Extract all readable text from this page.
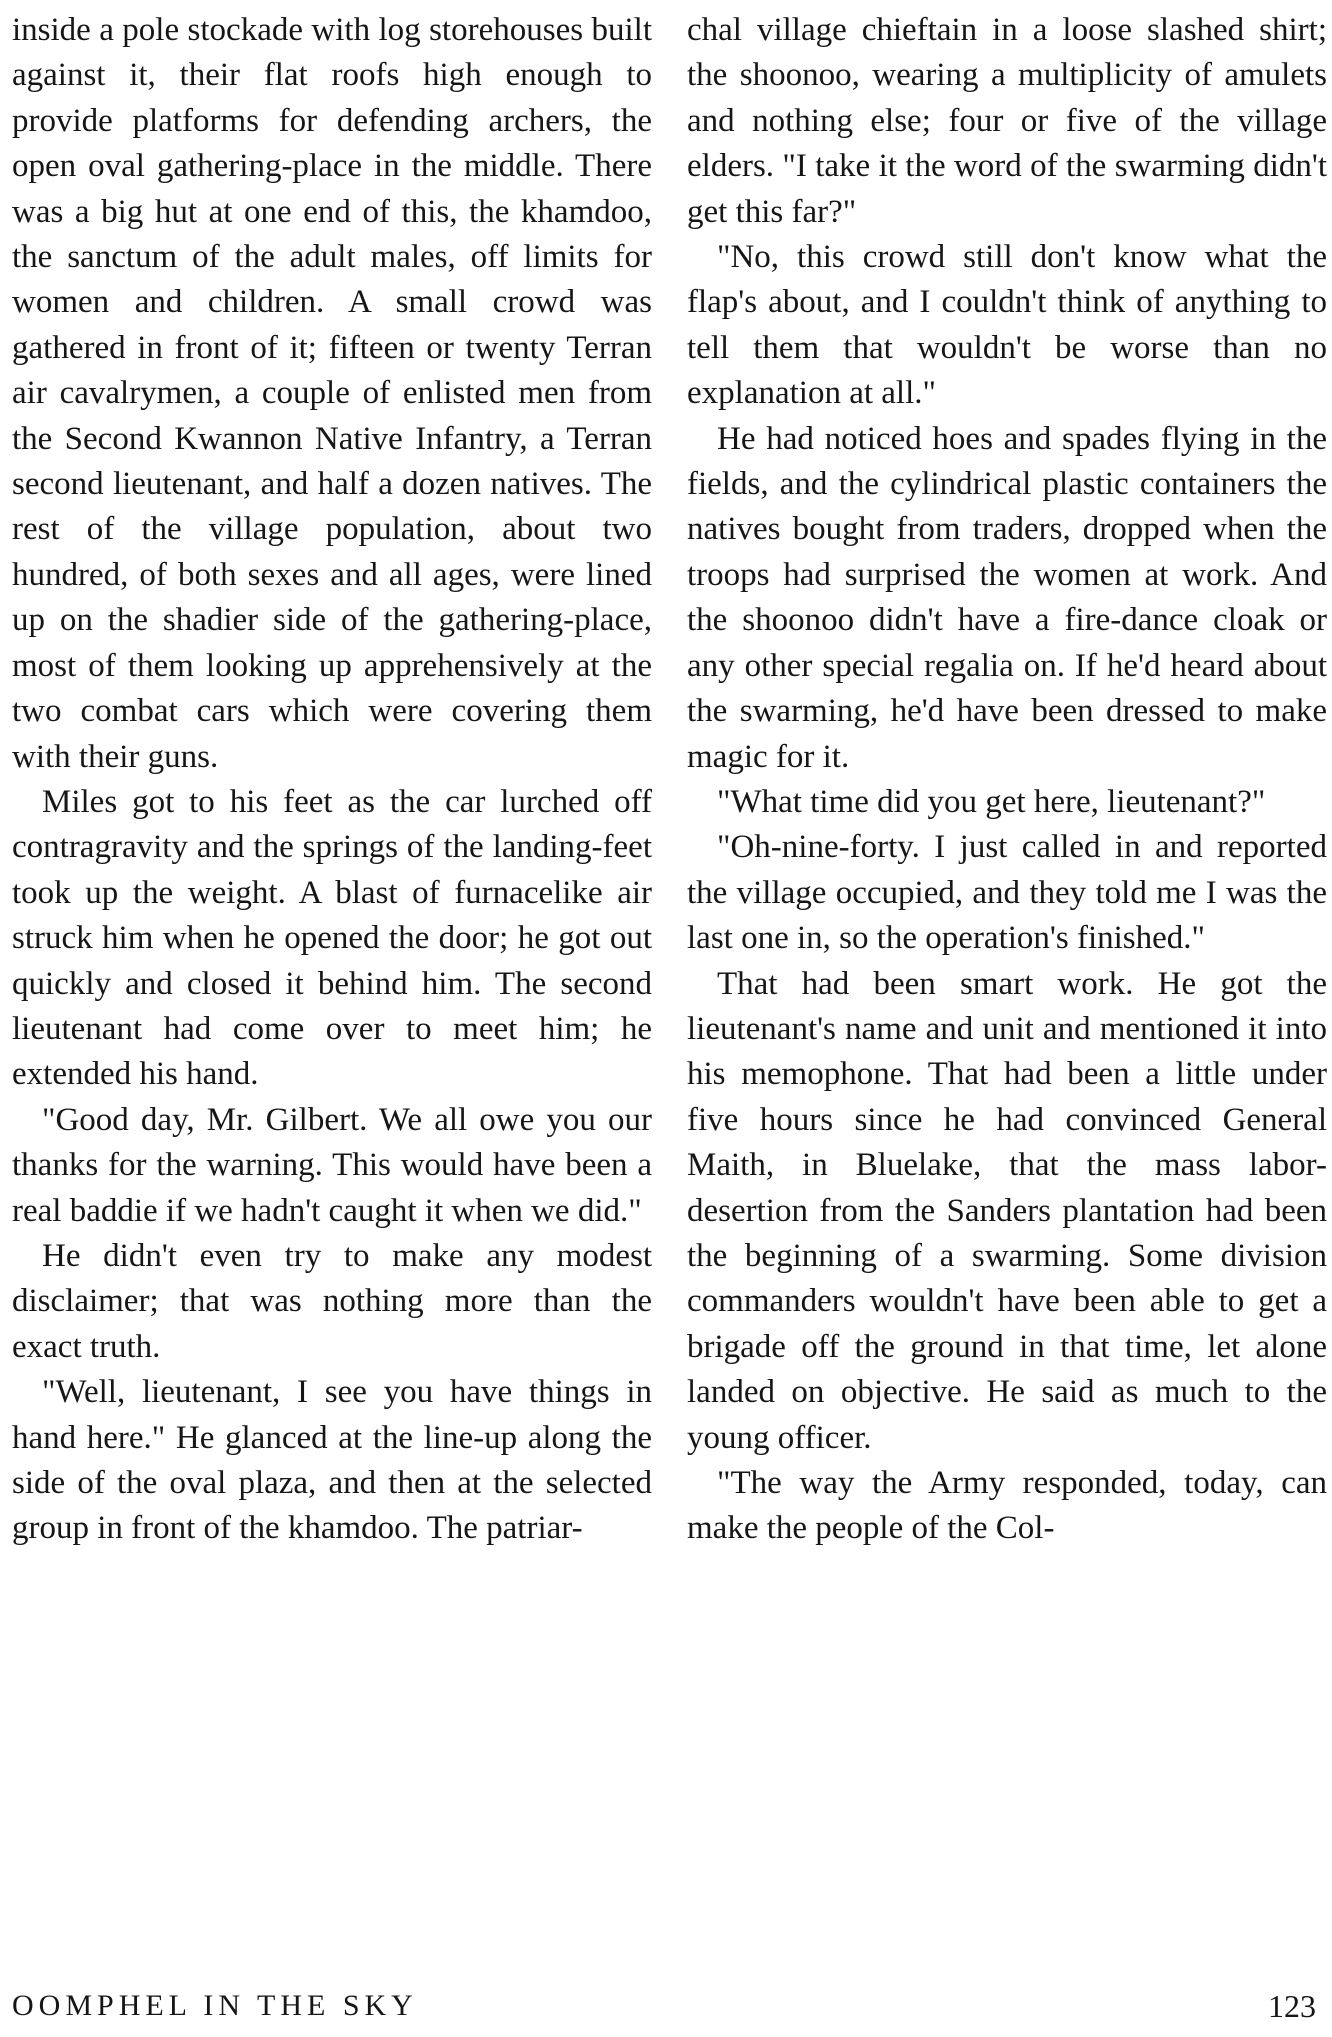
inside a pole stockade with log storehouses built against it, their flat roofs high enough to provide platforms for defending archers, the open oval gathering-place in the middle. There was a big hut at one end of this, the khamdoo, the sanctum of the adult males, off limits for women and children. A small crowd was gathered in front of it; fifteen or twenty Terran air cavalrymen, a couple of enlisted men from the Second Kwannon Native Infantry, a Terran second lieutenant, and half a dozen natives. The rest of the village population, about two hundred, of both sexes and all ages, were lined up on the shadier side of the gathering-place, most of them looking up apprehensively at the two combat cars which were covering them with their guns.

Miles got to his feet as the car lurched off contragravity and the springs of the landing-feet took up the weight. A blast of furnacelike air struck him when he opened the door; he got out quickly and closed it behind him. The second lieutenant had come over to meet him; he extended his hand.

"Good day, Mr. Gilbert. We all owe you our thanks for the warning. This would have been a real baddie if we hadn't caught it when we did."

He didn't even try to make any modest disclaimer; that was nothing more than the exact truth.

"Well, lieutenant, I see you have things in hand here." He glanced at the line-up along the side of the oval plaza, and then at the selected group in front of the khamdoo. The patriar-

chal village chieftain in a loose slashed shirt; the shoonoo, wearing a multiplicity of amulets and nothing else; four or five of the village elders. "I take it the word of the swarming didn't get this far?"

"No, this crowd still don't know what the flap's about, and I couldn't think of anything to tell them that wouldn't be worse than no explanation at all."

He had noticed hoes and spades flying in the fields, and the cylindrical plastic containers the natives bought from traders, dropped when the troops had surprised the women at work. And the shoonoo didn't have a fire-dance cloak or any other special regalia on. If he'd heard about the swarming, he'd have been dressed to make magic for it.

"What time did you get here, lieutenant?"

"Oh-nine-forty. I just called in and reported the village occupied, and they told me I was the last one in, so the operation's finished."

That had been smart work. He got the lieutenant's name and unit and mentioned it into his memophone. That had been a little under five hours since he had convinced General Maith, in Bluelake, that the mass labor-desertion from the Sanders plantation had been the beginning of a swarming. Some division commanders wouldn't have been able to get a brigade off the ground in that time, let alone landed on objective. He said as much to the young officer.

"The way the Army responded, today, can make the people of the Col-

OOMPHEL IN THE SKY	123
